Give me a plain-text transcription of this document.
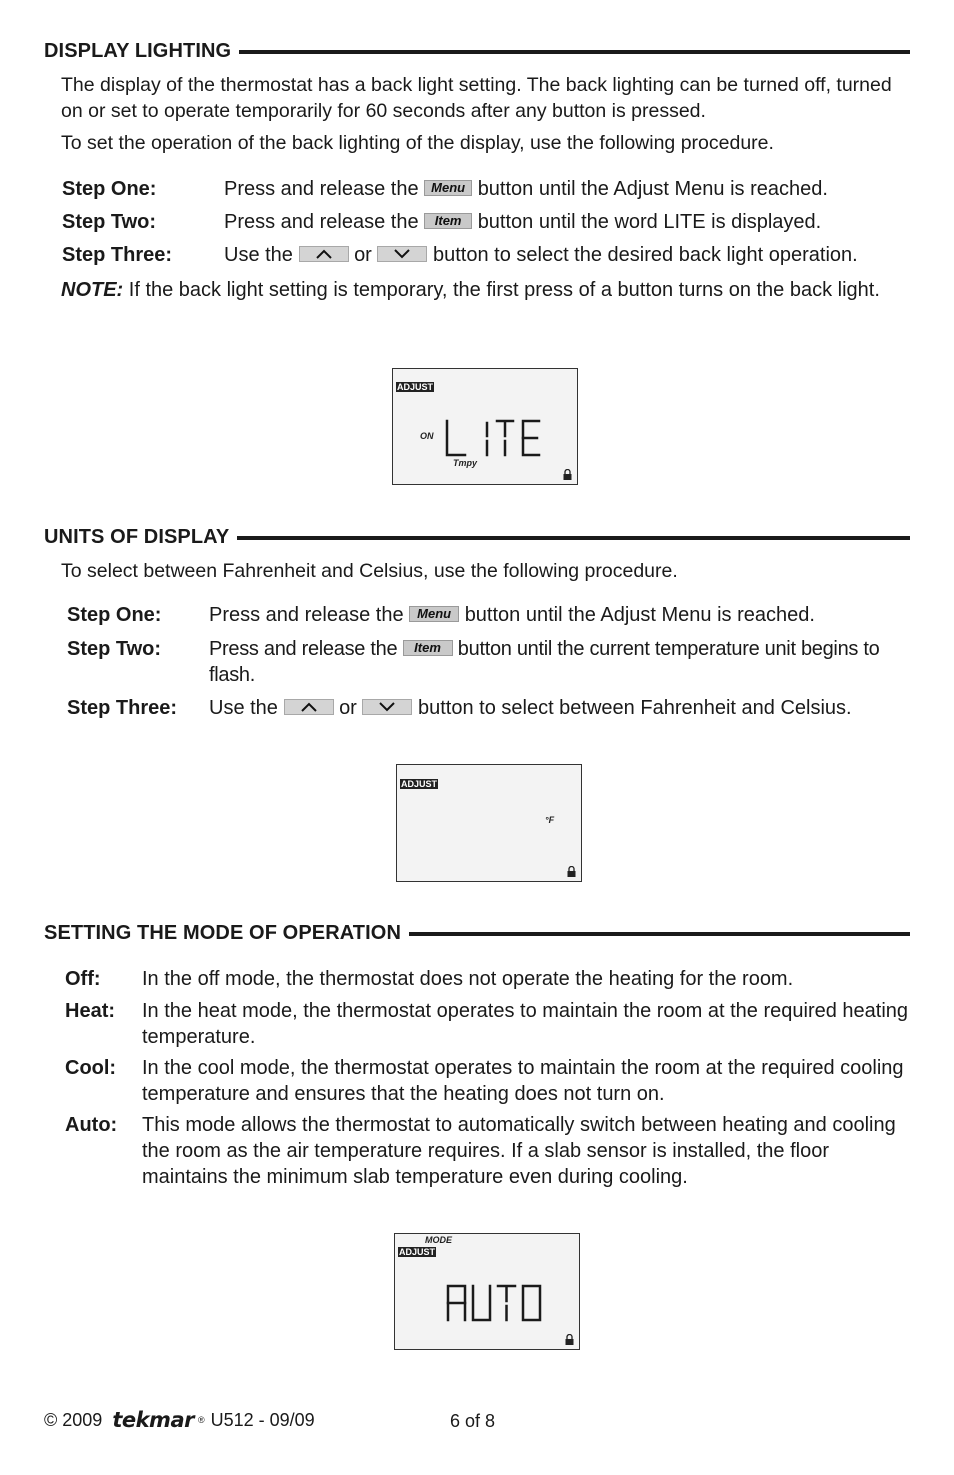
DISPLAY LIGHTING

The display of the thermostat has a back light setting. The back lighting can be turned off, turned on or set to operate temporarily for 60 seconds after any button is pressed.

To set the operation of the back lighting of the display, use the following procedure.

Step One:	Press and release the Menu button until the Adjust Menu is reached.
Step Two:	Press and release the Item button until the word LITE is displayed.
Step Three:	Use the	or	button to select the desired back light operation.

NOTE: If the back light setting is temporary, the first press of a button turns on the back light.

ADJUST
ON
Tmpy
UNITS OF DISPLAY

To select between Fahrenheit and Celsius, use the following procedure.

Step One:	Press and release the Menu button until the Adjust Menu is reached.
Step Two:	Press and release the Item button until the current temperature unit begins to flash.
Step Three:	Use the	or	button to select between Fahrenheit and Celsius.
ADJUST
°F
SETTING THE MODE OF OPERATION
Off:	In the off mode, the thermostat does not operate the heating for the room.
Heat:	In the heat mode, the thermostat operates to maintain the room at the required heating temperature.
Cool:	In the cool mode, the thermostat operates to maintain the room at the required cooling temperature and ensures that the heating does not turn on.
Auto:	This mode allows the thermostat to automatically switch between heating and cooling the room as the air temperature requires. If a slab sensor is installed, the floor maintains the minimum slab temperature even during cooling.
MODE
ADJUST
© 2009 tekmar ® U512 - 09/09	6 of 8
